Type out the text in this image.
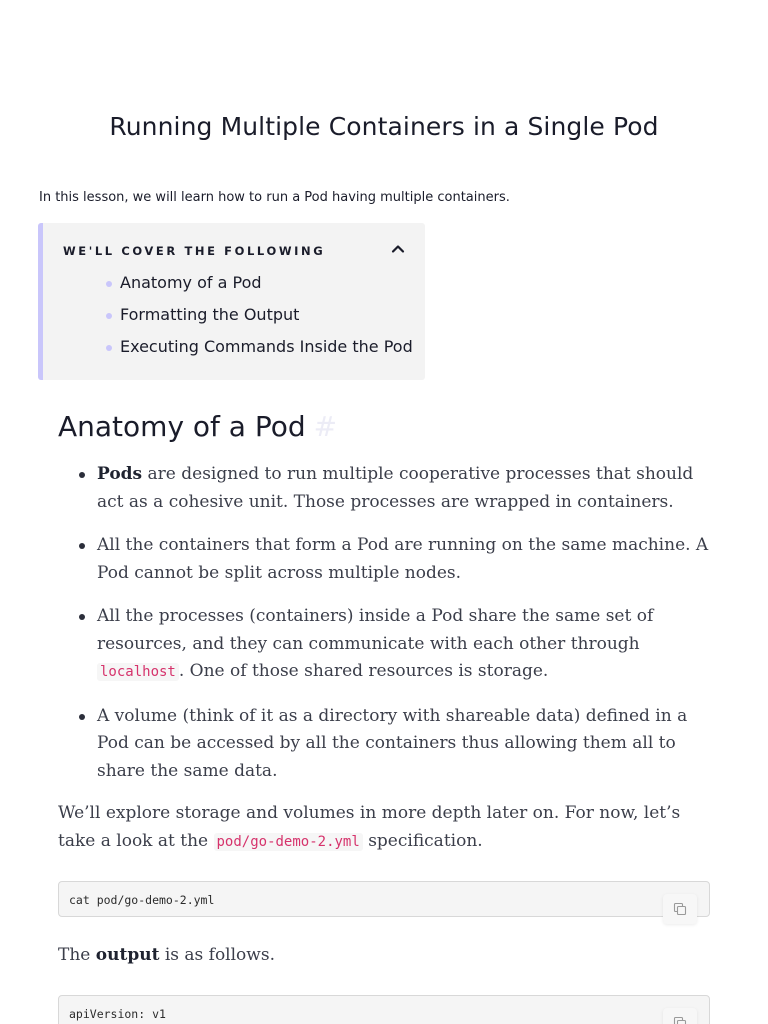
Running Multiple Containers in a Single Pod

In this lesson, we will learn how to run a Pod having multiple containers.

WE'LL COVER THE FOLLOWING
Anatomy of a Pod
Formatting the Output
Executing Commands Inside the Pod
Anatomy of a Pod #
Pods are designed to run multiple cooperative processes that should act as a cohesive unit. Those processes are wrapped in containers.
All the containers that form a Pod are running on the same machine. A Pod cannot be split across multiple nodes.
All the processes (containers) inside a Pod share the same set of resources, and they can communicate with each other through localhost . One of those shared resources is storage.
A volume (think of it as a directory with shareable data) defined in a Pod can be accessed by all the containers thus allowing them all to share the same data.

We’ll explore storage and volumes in more depth later on. For now, let’s take a look at the pod/go-demo-2.yml specification.

cat pod/go-demo-2.yml

The output is as follows.

apiVersion: v1
